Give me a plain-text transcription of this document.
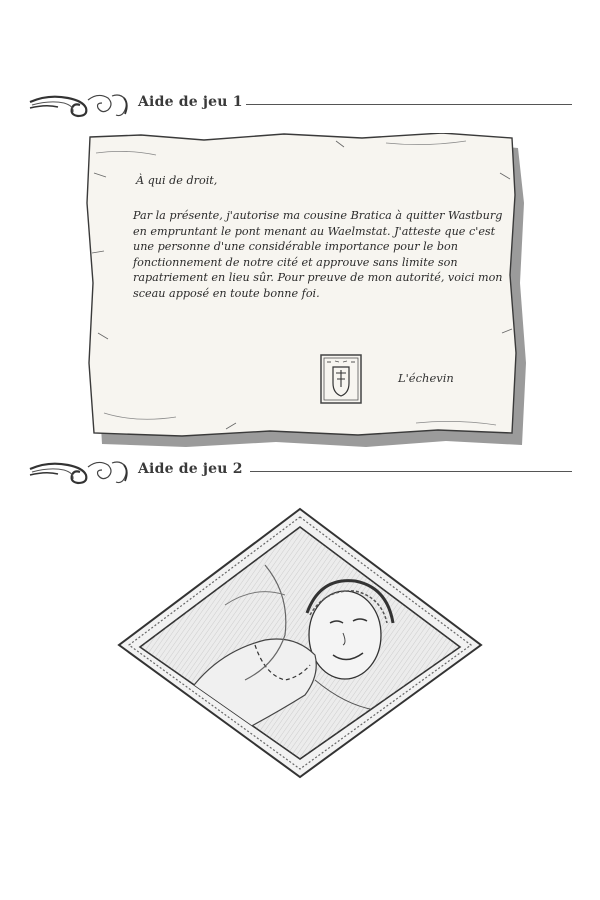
Aide de jeu 1
À qui de droit,
Par la présente, j'autorise ma cousine Bratica à quitter Wastburg en empruntant le pont menant au Waelmstat. J'atteste que c'est une personne d'une considérable importance pour le bon fonctionnement de notre cité et approuve sans limite son rapatriement en lieu sûr. Pour preuve de mon autorité, voici mon sceau apposé en toute bonne foi.
L'échevin
Aide de jeu 2
